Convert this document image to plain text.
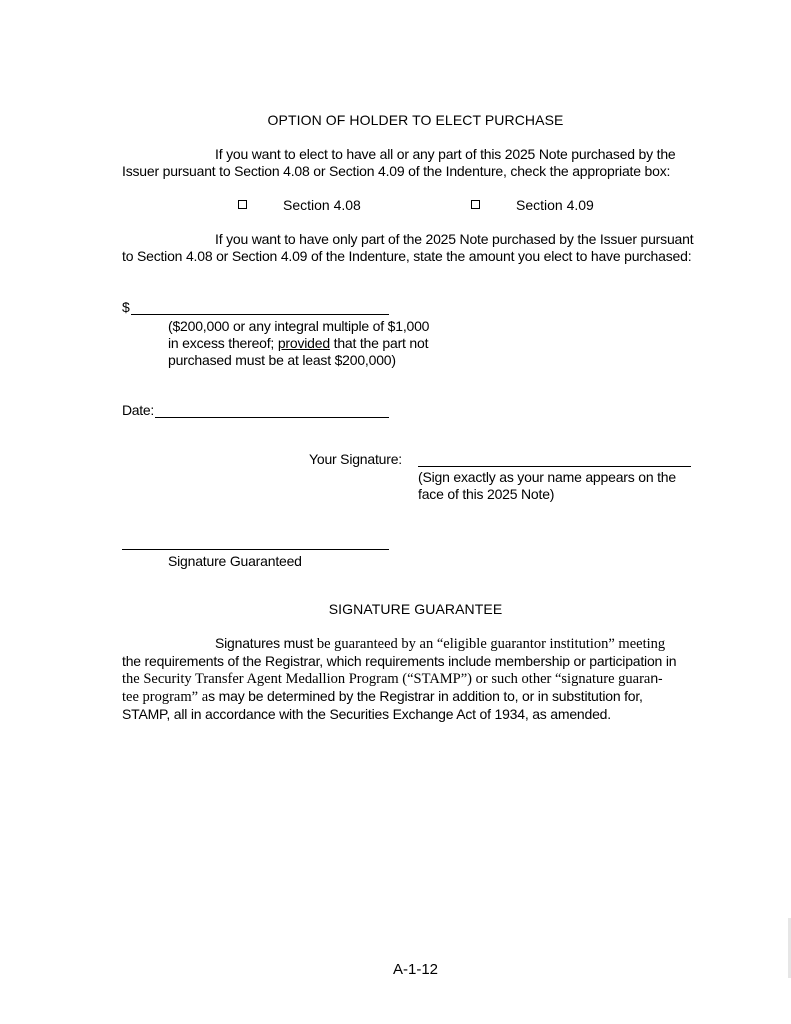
OPTION OF HOLDER TO ELECT PURCHASE
If you want to elect to have all or any part of this 2025 Note purchased by the Issuer pursuant to Section 4.08 or Section 4.09 of the Indenture, check the appropriate box:
Section 4.08	Section 4.09
If you want to have only part of the 2025 Note purchased by the Issuer pursuant to Section 4.08 or Section 4.09 of the Indenture, state the amount you elect to have purchased:
$
($200,000 or any integral multiple of $1,000
in excess thereof; provided that the part not
purchased must be at least $200,000)
Date:
Your Signature:
(Sign exactly as your name appears on the
face of this 2025 Note)
Signature Guaranteed
SIGNATURE GUARANTEE
Signatures must be guaranteed by an “eligible guarantor institution” meeting
the requirements of the Registrar, which requirements include membership or participation in
the Security Transfer Agent Medallion Program (“STAMP”) or such other “signature guaran-
tee program” as may be determined by the Registrar in addition to, or in substitution for,
STAMP, all in accordance with the Securities Exchange Act of 1934, as amended.
A-1-12
